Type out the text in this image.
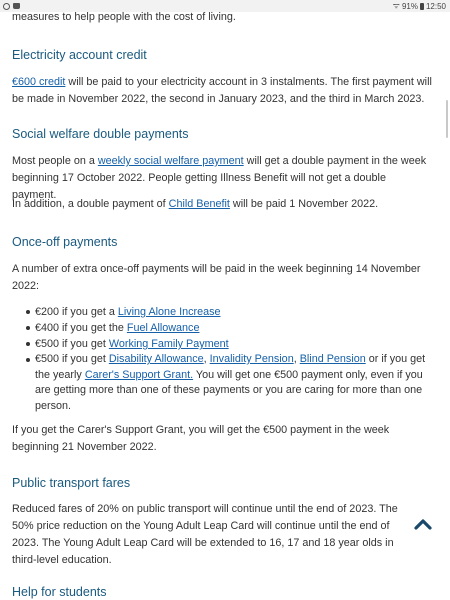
ᯤ 91% 12:50

measures to help people with the cost of living.

Electricity account credit

€600 credit will be paid to your electricity account in 3 instalments. The first payment will be made in November 2022, the second in January 2023, and the third in March 2023.

Social welfare double payments

Most people on a weekly social welfare payment will get a double payment in the week beginning 17 October 2022. People getting Illness Benefit will not get a double payment.

In addition, a double payment of Child Benefit will be paid 1 November 2022.

Once-off payments

A number of extra once-off payments will be paid in the week beginning 14 November 2022:

€200 if you get a Living Alone Increase
€400 if you get the Fuel Allowance
€500 if you get Working Family Payment
€500 if you get Disability Allowance, Invalidity Pension, Blind Pension or if you get the yearly Carer's Support Grant. You will get one €500 payment only, even if you are getting more than one of these payments or you are caring for more than one person.

If you get the Carer's Support Grant, you will get the €500 payment in the week beginning 21 November 2022.

Public transport fares

Reduced fares of 20% on public transport will continue until the end of 2023. The 50% price reduction on the Young Adult Leap Card will continue until the end of 2023. The Young Adult Leap Card will be extended to 16, 17 and 18 year olds in third-level education.

Help for students
